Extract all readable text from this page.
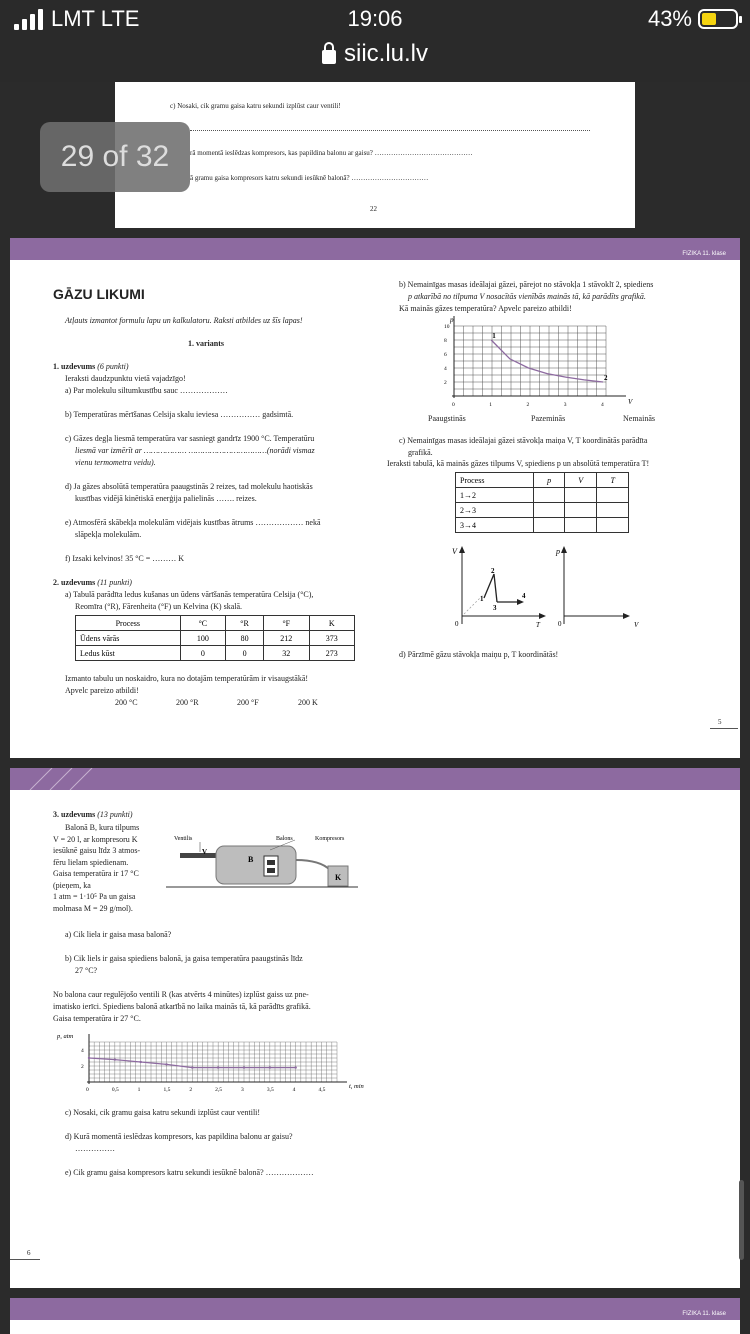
LMT LTE	19:06	43%
siic.lu.lv
c) Nosaki, cik gramu gaisa katru sekundi izplūst caur ventili!
rā momentā ieslēdzas kompresors, kas papildina balonu ar gaisu? ……………………………………
ā gramu gaisa kompresors katru sekundi iesūknē balonā? ……………………………
22
FIZIKA 11. klase
GĀZU LIKUMI
Atļauts izmantot formulu lapu un kalkulatoru. Raksti atbildes uz šīs lapas!
1. variants
1. uzdevums (6 punkti)
Ieraksti daudzpunktu vietā vajadzīgo!
a) Par molekulu siltumkustību sauc ………………
b) Temperatūras mērīšanas Celsija skalu ieviesa …………… gadsimtā.
c) Gāzes degļa liesmā temperatūra var sasniegt gandrīz 1900 °C. Temperatūru
liesmā var izmērīt ar ……………… ……………………………(norādi vismaz
vienu termometra veidu).
d) Ja gāzes absolūtā temperatūra paaugstinās 2 reizes, tad molekulu haotiskās
kustības vidējā kinētiskā enerģija palielinās ……. reizes.
e) Atmosfērā skābekļa molekulām vidējais kustības ātrums ……………… nekā
slāpekļa molekulām.
f) Izsaki kelvinos! 35 °C = ……… K
2. uzdevums (11 punkti)
a) Tabulā parādīta ledus kušanas un ūdens vārīšanās temperatūra Celsija (°C),
Reomīra (°R), Fārenheita (°F) un Kelvina (K) skalā.
Process	°C	°R	°F	K
Ūdens vārās	100	80	212	373
Ledus kūst	0	0	32	273
Izmanto tabulu un noskaidro, kura no dotajām temperatūrām ir visaugstākā!
Apvelc pareizo atbildi!
200 °C	200 °R	200 °F	200 K
b) Nemainīgas masas ideālajai gāzei, pārejot no stāvokļa 1 stāvoklī 2, spiediens
p atkarībā no tilpuma V nosacītās vienībās mainās tā, kā parādīts grafikā.
Kā mainās gāzes temperatūra? Apvelc pareizo atbildi!
p
V
2
4
6
8
10
0	1	2	3	4
1
2
Paaugstinās	Pazeminās	Nemainās
c) Nemainīgas masas ideālajai gāzei stāvokļa maiņa V, T koordinātās parādīta
grafikā.
Ieraksti tabulā, kā mainās gāzes tilpums V, spiediens p un absolūtā temperatūra T!
Process	p	V	T
1→2			
2→3			
3→4			
V
0	T
1
2
3
4
p
0	V
d) Pārzīmē gāzu stāvokļa maiņu p, T koordinātās!
5
3. uzdevums (13 punkti)
Balonā B, kura tilpums
V = 20 l, ar kompresoru K
iesūknē gaisu līdz 3 atmos-
fēru lielam spiedienam.
Gaisa temperatūra ir 17 °C
(pieņem, ka
1 atm = 1·10⁵ Pa un gaisa
molmasa M = 29 g/mol).
Ventilis	Balons	Kompresors
V
B
K
a) Cik liela ir gaisa masa balonā?
b) Cik liels ir gaisa spiediens balonā, ja gaisa temperatūra paaugstinās līdz
27 °C?
No balona caur regulējošo ventili R (kas atvērts 4 minūtes) izplūst gaiss uz pne-
imatisko ierīci. Spiediens balonā atkarībā no laika mainās tā, kā parādīts grafikā.
Gaisa temperatūra ir 27 °C.
p, atm
t, min
2
4
0	0,5	1	1,5	2	2,5	3	3,5	4	4,5
c) Nosaki, cik gramu gaisa katru sekundi izplūst caur ventili!
d) Kurā momentā ieslēdzas kompresors, kas papildina balonu ar gaisu?
……………
e) Cik gramu gaisa kompresors katru sekundi iesūknē balonā? ………………
6
FIZIKA 11. klase
29 of 32
